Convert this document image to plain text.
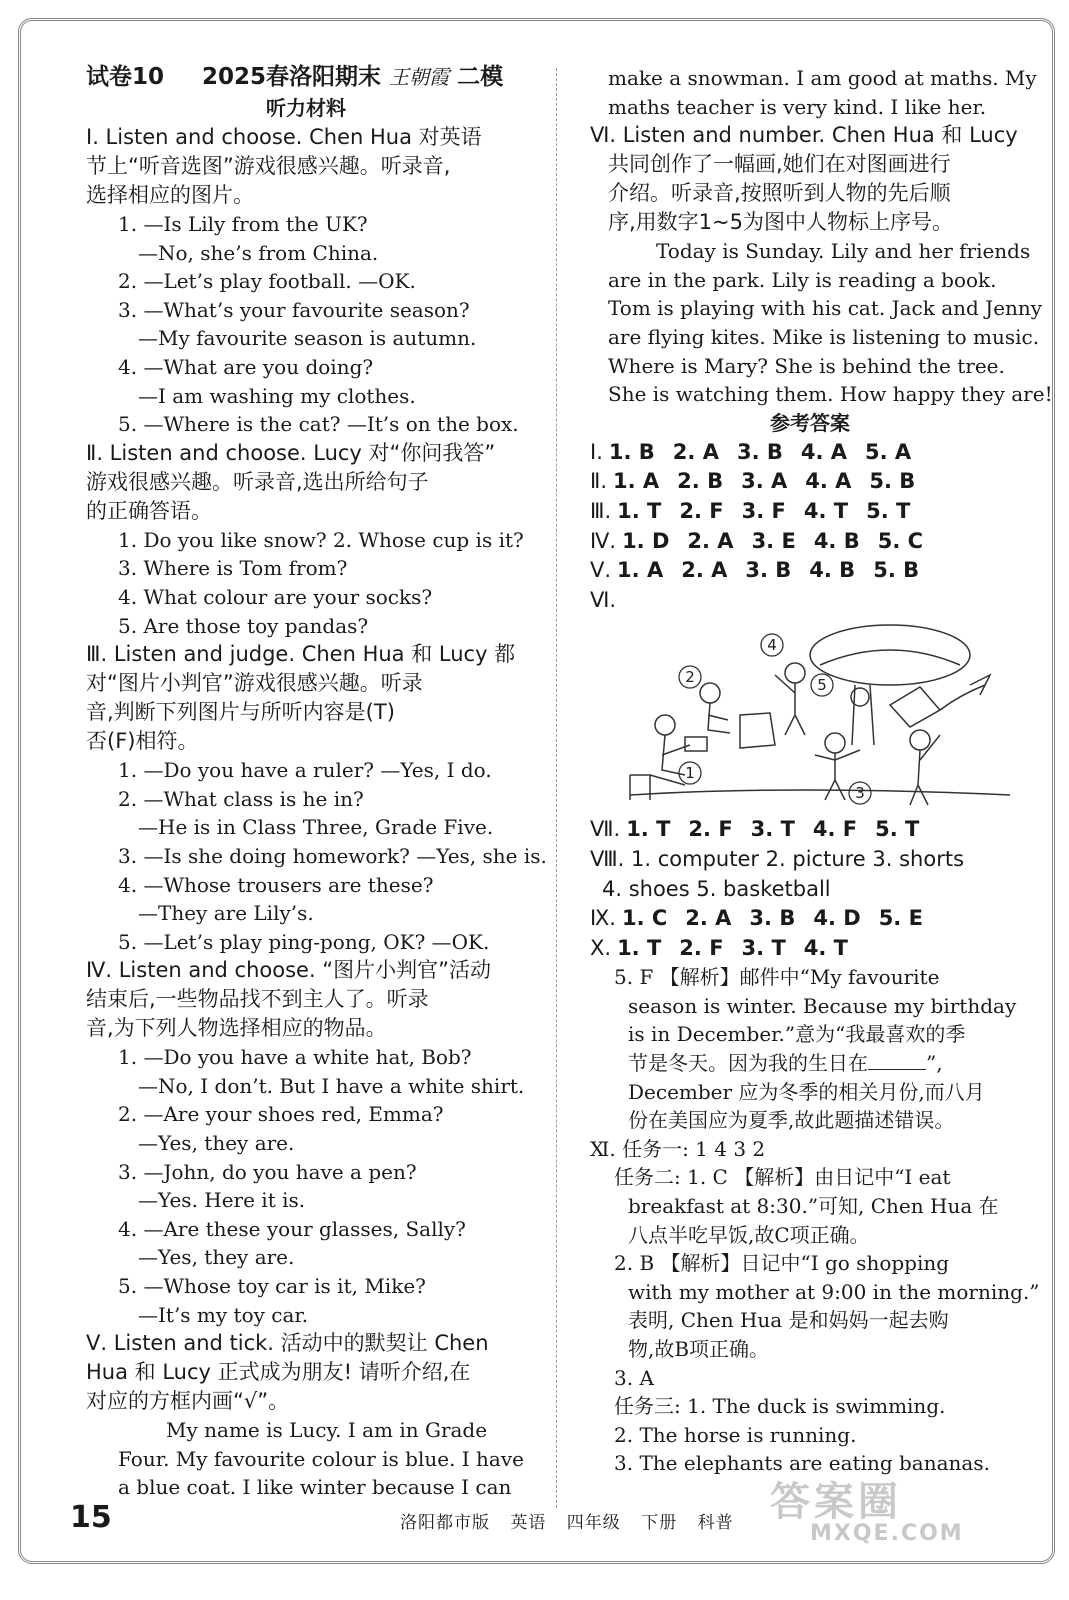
试卷10 2025春洛阳期末 王朝霞 二模
听力材料
Ⅰ. Listen and choose. Chen Hua 对英语
节上“听音选图”游戏很感兴趣。听录音,
选择相应的图片。
1. —Is Lily from the UK?
—No, she’s from China.
2. —Let’s play football. —OK.
3. —What’s your favourite season?
—My favourite season is autumn.
4. —What are you doing?
—I am washing my clothes.
5. —Where is the cat? —It’s on the box.
Ⅱ. Listen and choose. Lucy 对“你问我答”
游戏很感兴趣。听录音,选出所给句子
的正确答语。
1. Do you like snow? 2. Whose cup is it?
3. Where is Tom from?
4. What colour are your socks?
5. Are those toy pandas?
Ⅲ. Listen and judge. Chen Hua 和 Lucy 都
对“图片小判官”游戏很感兴趣。听录
音,判断下列图片与所听内容是(T)
否(F)相符。
1. —Do you have a ruler? —Yes, I do.
2. —What class is he in?
—He is in Class Three, Grade Five.
3. —Is she doing homework? —Yes, she is.
4. —Whose trousers are these?
—They are Lily’s.
5. —Let’s play ping-pong, OK? —OK.
Ⅳ. Listen and choose. “图片小判官”活动
结束后,一些物品找不到主人了。听录
音,为下列人物选择相应的物品。
1. —Do you have a white hat, Bob?
—No, I don’t. But I have a white shirt.
2. —Are your shoes red, Emma?
—Yes, they are.
3. —John, do you have a pen?
—Yes. Here it is.
4. —Are these your glasses, Sally?
—Yes, they are.
5. —Whose toy car is it, Mike?
—It’s my toy car.
Ⅴ. Listen and tick. 活动中的默契让 Chen
Hua 和 Lucy 正式成为朋友! 请听介绍,在
对应的方框内画“√”。
My name is Lucy. I am in Grade
Four. My favourite colour is blue. I have
a blue coat. I like winter because I can
make a snowman. I am good at maths. My
maths teacher is very kind. I like her.
Ⅵ. Listen and number. Chen Hua 和 Lucy
共同创作了一幅画,她们在对图画进行
介绍。听录音,按照听到人物的先后顺
序,用数字1~5为图中人物标上序号。
Today is Sunday. Lily and her friends
are in the park. Lily is reading a book.
Tom is playing with his cat. Jack and Jenny
are flying kites. Mike is listening to music.
Where is Mary? She is behind the tree.
She is watching them. How happy they are!
参考答案
Ⅰ. 1. B 2. A 3. B 4. A 5. A
Ⅱ. 1. A 2. B 3. A 4. A 5. B
Ⅲ. 1. T 2. F 3. F 4. T 5. T
Ⅳ. 1. D 2. A 3. E 4. B 5. C
Ⅴ. 1. A 2. A 3. B 4. B 5. B
Ⅵ.
1
2
3
4
5
Ⅶ. 1. T 2. F 3. T 4. F 5. T
Ⅷ. 1. computer 2. picture 3. shorts
4. shoes 5. basketball
Ⅸ. 1. C 2. A 3. B 4. D 5. E
Ⅹ. 1. T 2. F 3. T 4. T
5. F 【解析】邮件中“My favourite
season is winter. Because my birthday
is in December.”意为“我最喜欢的季
节是冬天。因为我的生日在	”,
December 应为冬季的相关月份,而八月
份在美国应为夏季,故此题描述错误。
Ⅺ. 任务一: 1 4 3 2
任务二: 1. C 【解析】由日记中“I eat
breakfast at 8:30.”可知, Chen Hua 在
八点半吃早饭,故C项正确。
2. B 【解析】日记中“I go shopping
with my mother at 9:00 in the morning.”
表明, Chen Hua 是和妈妈一起去购
物,故B项正确。
3. A
任务三: 1. The duck is swimming.
2. The horse is running.
3. The elephants are eating bananas.
15	洛阳都市版 英语 四年级 下册 科普 答案圈
MXQE.COM
